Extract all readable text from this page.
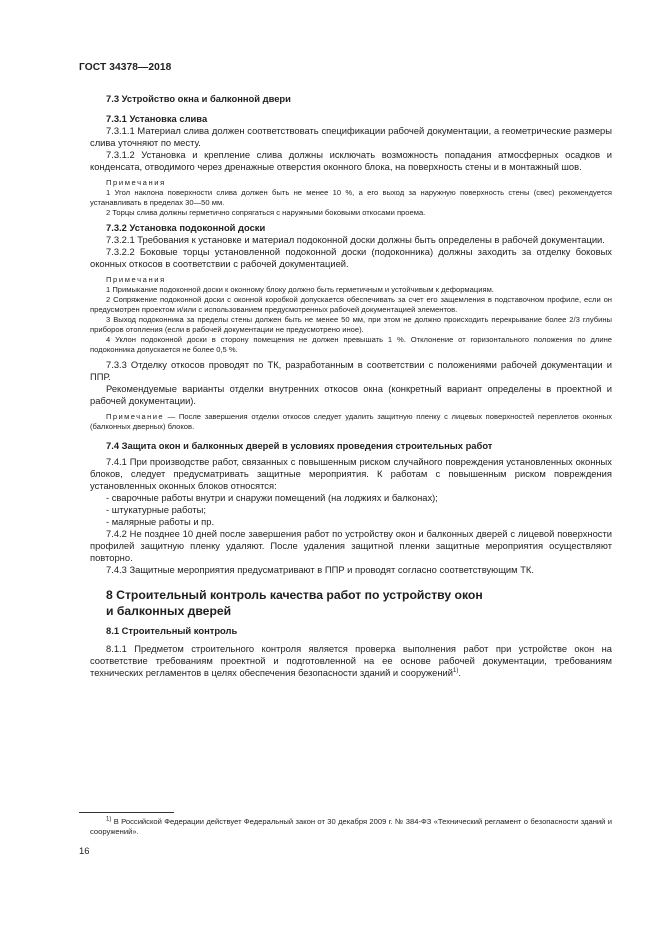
ГОСТ 34378—2018

7.3 Устройство окна и балконной двери

7.3.1 Установка слива

7.3.1.1 Материал слива должен соответствовать спецификации рабочей документации, а геометрические размеры слива уточняют по месту.

7.3.1.2 Установка и крепление слива должны исключать возможность попадания атмосферных осадков и конденсата, отводимого через дренажные отверстия оконного блока, на поверхность стены и в монтажный шов.

Примечания

1 Угол наклона поверхности слива должен быть не менее 10 %, а его выход за наружную поверхность стены (свес) рекомендуется устанавливать в пределах 30—50 мм.

2 Торцы слива должны герметично сопрягаться с наружными боковыми откосами проема.

7.3.2 Установка подоконной доски

7.3.2.1 Требования к установке и материал подоконной доски должны быть определены в рабочей документации.

7.3.2.2 Боковые торцы установленной подоконной доски (подоконника) должны заходить за отделку боковых оконных откосов в соответствии с рабочей документацией.

Примечания

1 Примыкание подоконной доски к оконному блоку должно быть герметичным и устойчивым к деформациям.

2 Сопряжение подоконной доски с оконной коробкой допускается обеспечивать за счет его защемления в подставочном профиле, если он предусмотрен проектом и/или с использованием предусмотренных рабочей документацией элементов.

3 Выход подоконника за пределы стены должен быть не менее 50 мм, при этом не должно происходить перекрывание более 2/3 глубины приборов отопления (если в рабочей документации не предусмотрено иное).

4 Уклон подоконной доски в сторону помещения не должен превышать 1 %. Отклонение от горизонтального положения по длине подоконника допускается не более 0,5 %.

7.3.3 Отделку откосов проводят по ТК, разработанным в соответствии с положениями рабочей документации и ППР.

Рекомендуемые варианты отделки внутренних откосов окна (конкретный вариант определены в проектной и рабочей документации).

Примечание — После завершения отделки откосов следует удалить защитную пленку с лицевых поверхностей переплетов оконных (балконных дверных) блоков.

7.4 Защита окон и балконных дверей в условиях проведения строительных работ

7.4.1 При производстве работ, связанных с повышенным риском случайного повреждения установленных оконных блоков, следует предусматривать защитные мероприятия. К работам с повышенным риском повреждения установленных оконных блоков относятся:

- сварочные работы внутри и снаружи помещений (на лоджиях и балконах);

- штукатурные работы;

- малярные работы и пр.

7.4.2 Не позднее 10 дней после завершения работ по устройству окон и балконных дверей с лицевой поверхности профилей защитную пленку удаляют. После удаления защитной пленки защитные мероприятия осуществляют повторно.

7.4.3 Защитные мероприятия предусматривают в ППР и проводят согласно соответствующим ТК.

8 Строительный контроль качества работ по устройству окон
и балконных дверей

8.1 Строительный контроль

8.1.1 Предметом строительного контроля является проверка выполнения работ при устройстве окон на соответствие требованиям проектной и подготовленной на ее основе рабочей документации, требованиям технических регламентов в целях обеспечения безопасности зданий и сооружений$^{1)}$.

$^{1)}$ В Российской Федерации действует Федеральный закон от 30 декабря 2009 г. № 384-ФЗ «Технический регламент о безопасности зданий и сооружений».

16
